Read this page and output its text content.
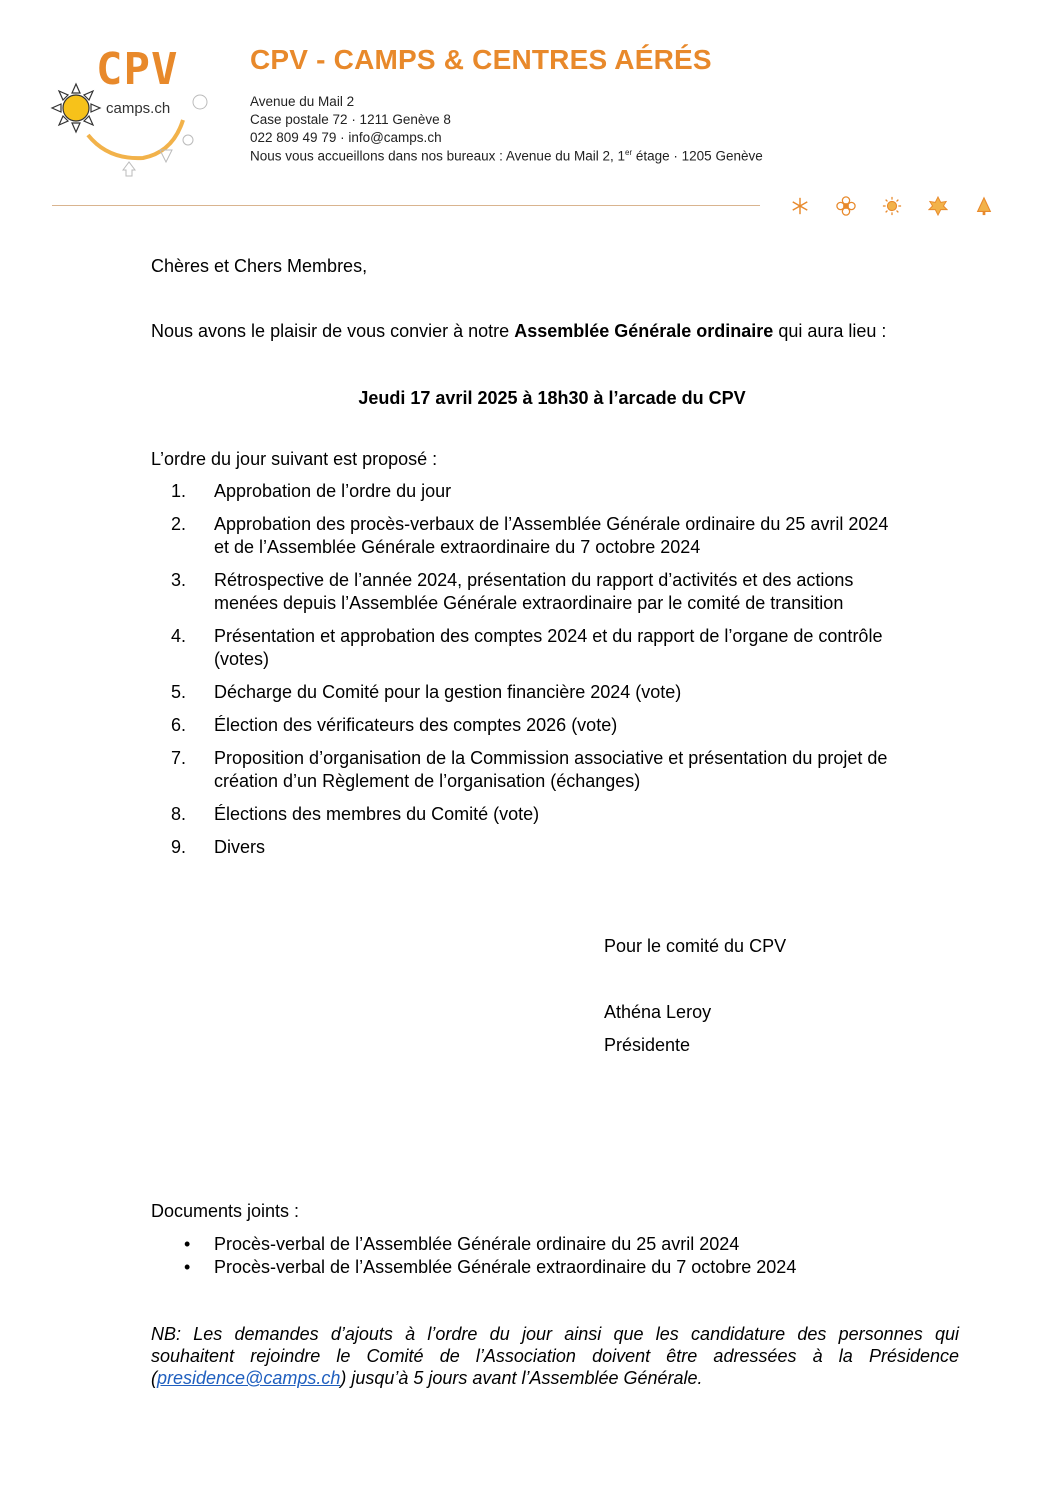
CPV
camps.ch
CPV - CAMPS & CENTRES AÉRÉS
Avenue du Mail 2
Case postale 72 · 1211 Genève 8
022 809 49 79 · info@camps.ch
Nous vous accueillons dans nos bureaux : Avenue du Mail 2, 1er étage · 1205 Genève
Chères et Chers Membres,
Nous avons le plaisir de vous convier à notre Assemblée Générale ordinaire qui aura lieu :
Jeudi 17 avril 2025 à 18h30 à l’arcade du CPV
L’ordre du jour suivant est proposé :
1. Approbation de l’ordre du jour
2. Approbation des procès-verbaux de l’Assemblée Générale ordinaire du 25 avril 2024
et de l’Assemblée Générale extraordinaire du 7 octobre 2024
3. Rétrospective de l’année 2024, présentation du rapport d’activités et des actions
menées depuis l’Assemblée Générale extraordinaire par le comité de transition
4. Présentation et approbation des comptes 2024 et du rapport de l’organe de contrôle
(votes)
5. Décharge du Comité pour la gestion financière 2024 (vote)
6. Élection des vérificateurs des comptes 2026 (vote)
7. Proposition d’organisation de la Commission associative et présentation du projet de
création d’un Règlement de l’organisation (échanges)
8. Élections des membres du Comité (vote)
9. Divers
Pour le comité du CPV
Athéna Leroy
Présidente
Documents joints :
• Procès-verbal de l’Assemblée Générale ordinaire du 25 avril 2024
• Procès-verbal de l’Assemblée Générale extraordinaire du 7 octobre 2024
NB: Les demandes d’ajouts à l’ordre du jour ainsi que les candidature des personnes qui
souhaitent rejoindre le Comité de l’Association doivent être adressées à la Présidence
(presidence@camps.ch) jusqu’à 5 jours avant l’Assemblée Générale.
